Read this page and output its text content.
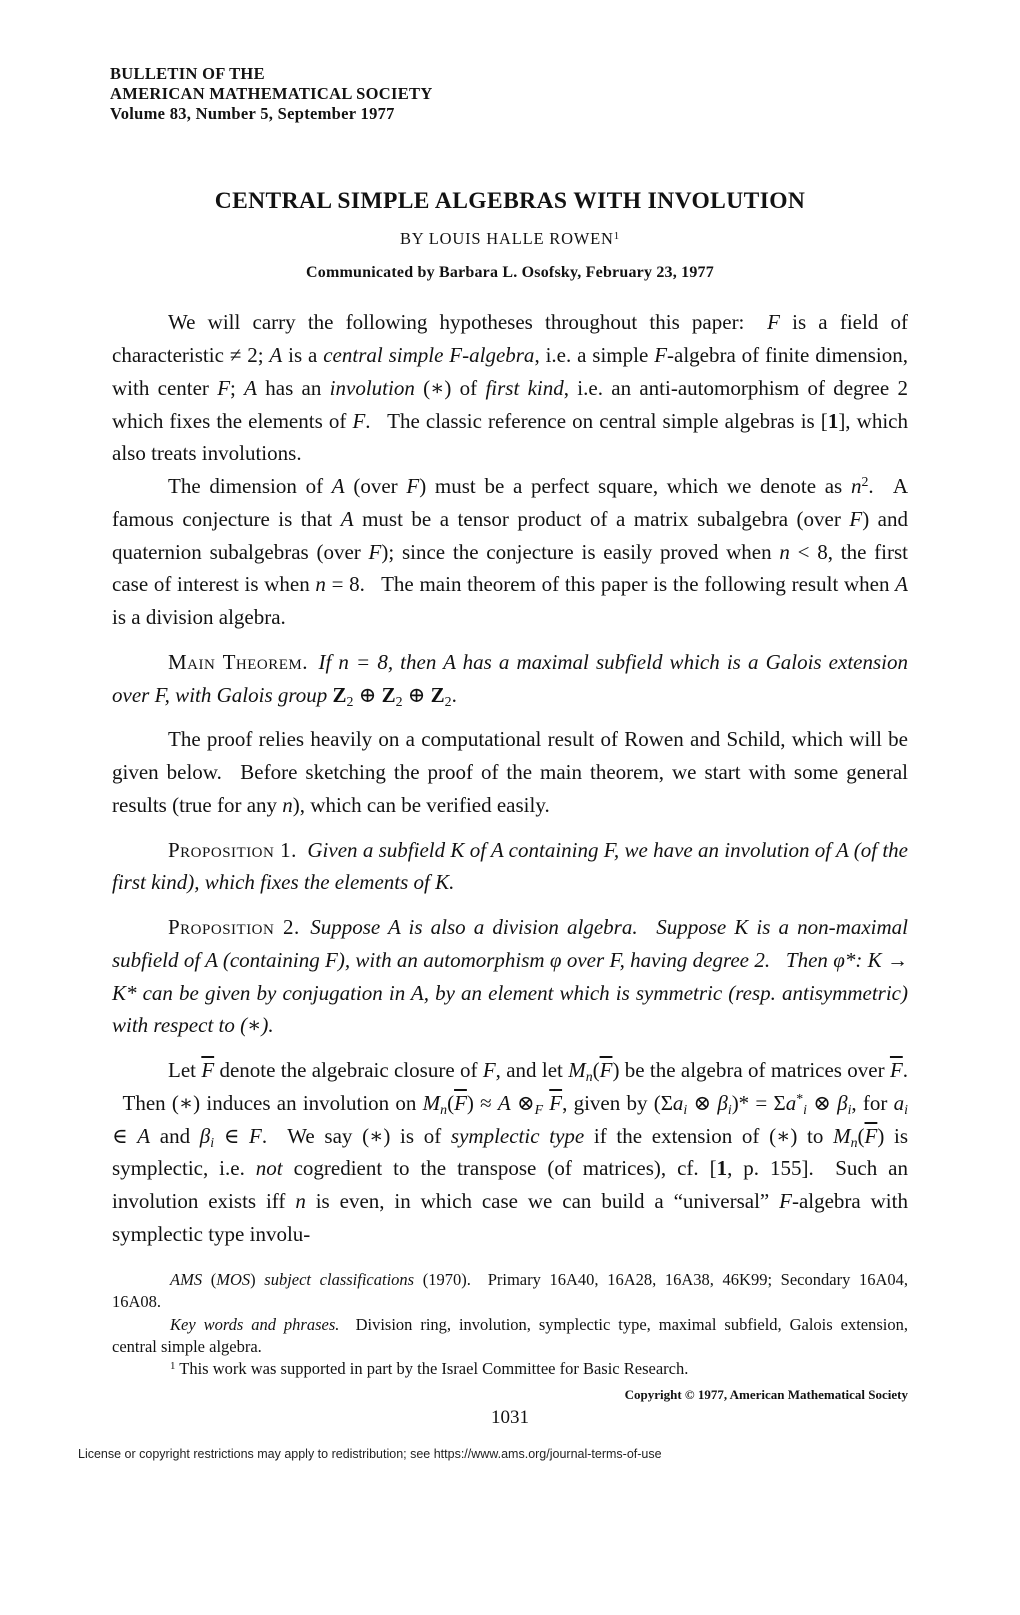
BULLETIN OF THE
AMERICAN MATHEMATICAL SOCIETY
Volume 83, Number 5, September 1977
CENTRAL SIMPLE ALGEBRAS WITH INVOLUTION
BY LOUIS HALLE ROWEN$^1$
Communicated by Barbara L. Osofsky, February 23, 1977

We will carry the following hypotheses throughout this paper:  F is a field of characteristic ≠ 2; A is a central simple F-algebra, i.e. a simple F-algebra of finite dimension, with center F; A has an involution (∗) of first kind, i.e. an anti-automorphism of degree 2 which fixes the elements of F.  The classic reference on central simple algebras is [1], which also treats involutions.

The dimension of A (over F) must be a perfect square, which we denote as $n^2$.  A famous conjecture is that A must be a tensor product of a matrix subalgebra (over F) and quaternion subalgebras (over F); since the conjecture is easily proved when n < 8, the first case of interest is when n = 8.  The main theorem of this paper is the following result when A is a division algebra.

Main Theorem.  If n = 8, then A has a maximal subfield which is a Galois extension over F, with Galois group Z2 ⊕ Z2 ⊕ Z2.

The proof relies heavily on a computational result of Rowen and Schild, which will be given below.  Before sketching the proof of the main theorem, we start with some general results (true for any n), which can be verified easily.

Proposition 1.  Given a subfield K of A containing F, we have an involution of A (of the first kind), which fixes the elements of K.

Proposition 2.  Suppose A is also a division algebra.  Suppose K is a non-maximal subfield of A (containing F), with an automorphism φ over F, having degree 2.  Then φ*: K → K* can be given by conjugation in A, by an element which is symmetric (resp. antisymmetric) with respect to (∗).

Let $\overline{F}$ denote the algebraic closure of F, and let $Mn(\overline{F})$ be the algebra of matrices over $\overline{F}$.  Then (∗) induces an involution on $Mn(\overline{F}) \approx A$ ⊗F $\overline{F}$, given by (Σai ⊗ βi)* = Σa*i ⊗ βi, for ai ∈ A and βi ∈ F.  We say (∗) is of symplectic type if the extension of (∗) to $Mn(\overline{F})$ is symplectic, i.e. not cogredient to the transpose (of matrices), cf. [1, p. 155].  Such an involution exists iff n is even, in which case we can build a “universal” F-algebra with symplectic type involu-

AMS (MOS) subject classifications (1970).  Primary 16A40, 16A28, 16A38, 46K99; Secondary 16A04, 16A08.

Key words and phrases.  Division ring, involution, symplectic type, maximal subfield, Galois extension, central simple algebra.

$^1$ This work was supported in part by the Israel Committee for Basic Research.

Copyright © 1977, American Mathematical Society
1031
License or copyright restrictions may apply to redistribution; see https://www.ams.org/journal-terms-of-use
